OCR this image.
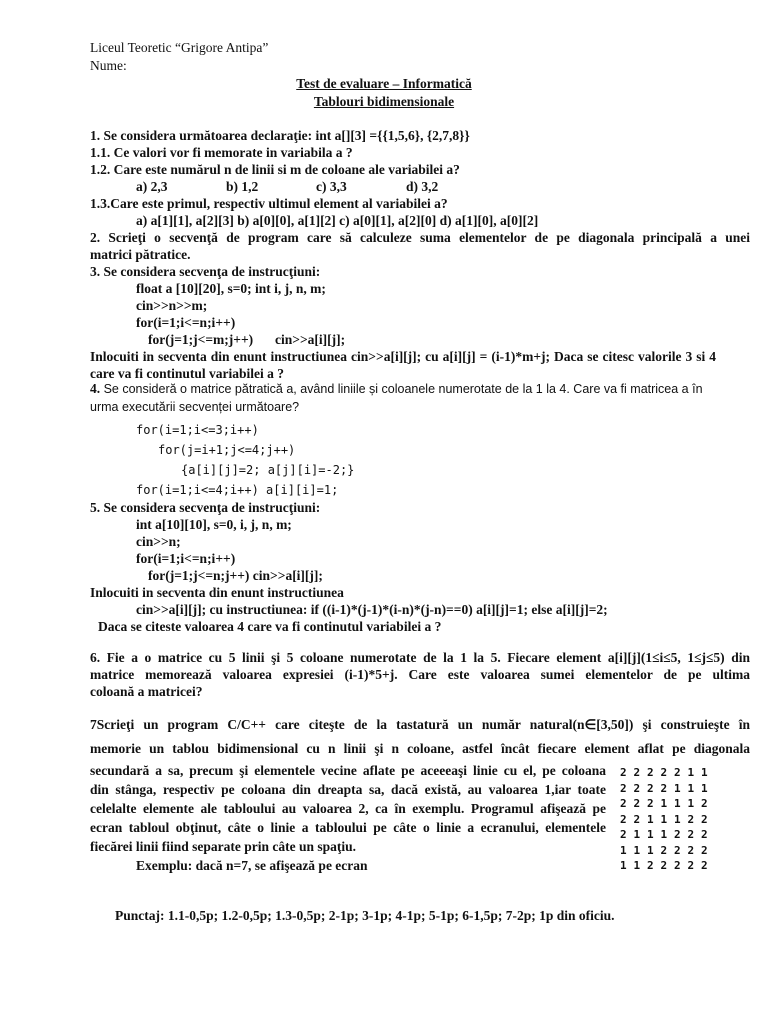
Liceul Teoretic “Grigore Antipa”
Nume:
Test de evaluare – Informatică
Tablouri bidimensionale
1. Se considera următoarea declaraţie: int a[][3] ={{1,5,6}, {2,7,8}}
1.1. Ce valori vor fi memorate in variabila a ?
1.2. Care este numărul n de linii si m de coloane ale variabilei a?
a) 2,3	b) 1,2	c) 3,3	d) 3,2
1.3.Care este primul, respectiv ultimul element al variabilei a?
a) a[1][1], a[2][3] b) a[0][0], a[1][2] c) a[0][1], a[2][0] d) a[1][0], a[0][2]
2. Scrieţi o secvenţă de program care să calculeze suma elementelor de pe diagonala principală a unei
matrici pătratice.
3. Se considera secvenţa de instrucţiuni:
float a [10][20], s=0; int i, j, n, m;
cin>>n>>m;
for(i=1;i<=n;i++)
for(j=1;j<=m;j++) cin>>a[i][j];
Inlocuiti in secventa din enunt instructiunea cin>>a[i][j]; cu a[i][j] = (i-1)*m+j; Daca se citesc valorile 3 si 4
care va fi continutul variabilei a ?
4. Se consideră o matrice pătratică a, având liniile și coloanele numerotate de la 1 la 4. Care va fi matricea a în
urma executării secvenței următoare?
for(i=1;i<=3;i++)
for(j=i+1;j<=4;j++)
{a[i][j]=2; a[j][i]=-2;}
for(i=1;i<=4;i++) a[i][i]=1;
5. Se considera secvenţa de instrucţiuni:
int a[10][10], s=0, i, j, n, m;
cin>>n;
for(i=1;i<=n;i++)
for(j=1;j<=n;j++) cin>>a[i][j];
Inlocuiti in secventa din enunt instructiunea
cin>>a[i][j]; cu instructiunea: if ((i-1)*(j-1)*(i-n)*(j-n)==0) a[i][j]=1; else a[i][j]=2;
Daca se citeste valoarea 4 care va fi continutul variabilei a ?
6. Fie a o matrice cu 5 linii şi 5 coloane numerotate de la 1 la 5. Fiecare element a[i][j](1≤i≤5, 1≤j≤5) din
matrice memorează valoarea expresiei (i-1)*5+j. Care este valoarea sumei elementelor de pe ultima
coloană a matricei?
7Scrieţi un program C/C++ care citeşte de la tastatură un număr natural(n∈[3,50]) şi construieşte în
memorie un tablou bidimensional cu n linii şi n coloane, astfel încât fiecare element aflat pe diagonala
secundară a sa, precum şi elementele vecine aflate pe aceeeaşi linie cu el, pe coloana
din stânga, respectiv pe coloana din dreapta sa, dacă există, au valoarea 1,iar toate
celelalte elemente ale tabloului au valoarea 2, ca în exemplu. Programul afişează pe
ecran tabloul obţinut, câte o linie a tabloului pe câte o linie a ecranului, elementele
fiecărei linii fiind separate prin câte un spaţiu.
Exemplu: dacă n=7, se afişează pe ecran
2 2 2 2 2 1 1
2 2 2 2 1 1 1
2 2 2 1 1 1 2
2 2 1 1 1 2 2
2 1 1 1 2 2 2
1 1 1 2 2 2 2
1 1 2 2 2 2 2
Punctaj: 1.1-0,5p; 1.2-0,5p; 1.3-0,5p; 2-1p; 3-1p; 4-1p; 5-1p; 6-1,5p; 7-2p; 1p din oficiu.
